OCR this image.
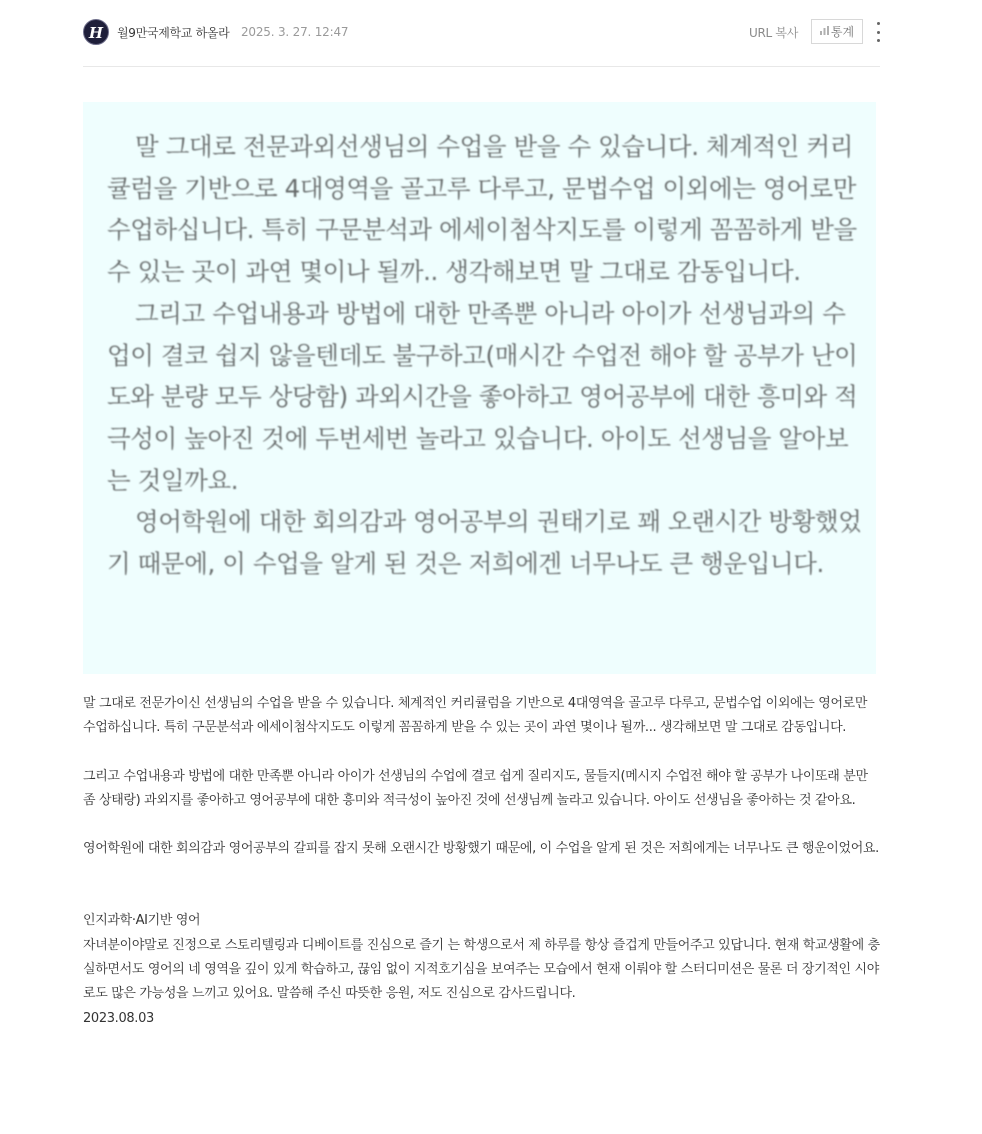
H	월9만국제학교 하올라 2025. 3. 27. 12:47	URL 복사	통계

말 그대로 전문과외선생님의 수업을 받을 수 있습니다. 체계적인 커리큘럼을 기반으로 4대영역을 골고루 다루고, 문법수업 이외에는 영어로만 수업하십니다. 특히 구문분석과 에세이첨삭지도를 이렇게 꼼꼼하게 받을 수 있는 곳이 과연 몇이나 될까.. 생각해보면 말 그대로 감동입니다.

그리고 수업내용과 방법에 대한 만족뿐 아니라 아이가 선생님과의 수업이 결코 쉽지 않을텐데도 불구하고(매시간 수업전 해야 할 공부가 난이도와 분량 모두 상당함) 과외시간을 좋아하고 영어공부에 대한 흥미와 적극성이 높아진 것에 두번세번 놀라고 있습니다. 아이도 선생님을 알아보는 것일까요.

영어학원에 대한 회의감과 영어공부의 권태기로 꽤 오랜시간 방황했었기 때문에, 이 수업을 알게 된 것은 저희에겐 너무나도 큰 행운입니다.

말 그대로 전문가이신 선생님의 수업을 받을 수 있습니다. 체계적인 커리큘럼을 기반으로 4대영역을 골고루 다루고, 문법수업 이외에는 영어로만 수업하십니다. 특히 구문분석과 에세이첨삭지도도 이렇게 꼼꼼하게 받을 수 있는 곳이 과연 몇이나 될까... 생각해보면 말 그대로 감동입니다.

그리고 수업내용과 방법에 대한 만족뿐 아니라 아이가 선생님의 수업에 결코 쉽게 질리지도, 물들지(메시지 수업전 해야 할 공부가 나이또래 분만 좀 상태랑) 과외지를 좋아하고 영어공부에 대한 흥미와 적극성이 높아진 것에 선생님께 놀라고 있습니다. 아이도 선생님을 좋아하는 것 같아요.

영어학원에 대한 회의감과 영어공부의 갈피를 잡지 못해 오랜시간 방황했기 때문에, 이 수업을 알게 된 것은 저희에게는 너무나도 큰 행운이었어요.

인지과학·AI기반 영어

자녀분이야말로 진정으로 스토리텔링과 디베이트를 진심으로 즐기 는 학생으로서 제 하루를 항상 즐겁게 만들어주고 있답니다. 현재 학교생활에 충실하면서도 영어의 네 영역을 깊이 있게 학습하고, 끊임 없이 지적호기심을 보여주는 모습에서 현재 이뤄야 할 스터디미션은 물론 더 장기적인 시야로도 많은 가능성을 느끼고 있어요. 말씀해 주신 따뜻한 응원, 저도 진심으로 감사드립니다.

2023.08.03
